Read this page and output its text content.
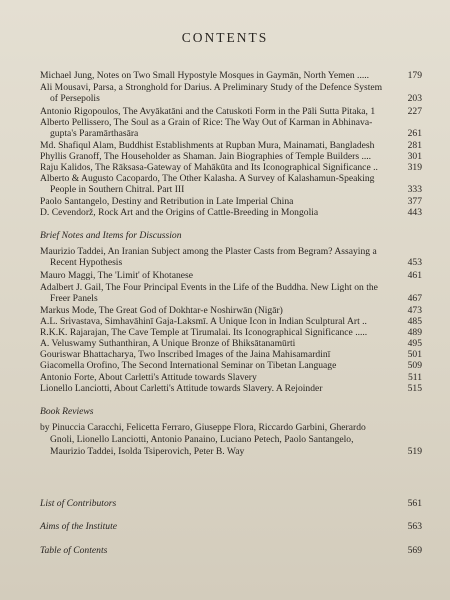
CONTENTS
Michael Jung, Notes on Two Small Hypostyle Mosques in Gaymān, North Yemen .....	179
Ali Mousavi, Parsa, a Stronghold for Darius. A Preliminary Study of the Defence System
of Persepolis	203
Antonio Rigopoulos, The Avyākatāni and the Catuskoti Form in the Pāli Sutta Pitaka, 1	227
Alberto Pellissero, The Soul as a Grain of Rice: The Way Out of Karman in Abhinava-
gupta's Paramārthasāra	261
Md. Shafiqul Alam, Buddhist Establishments at Rupban Mura, Mainamati, Bangladesh	281
Phyllis Granoff, The Householder as Shaman. Jain Biographies of Temple Builders ....	301
Raju Kalidos, The Rāksasa-Gateway of Mahākūta and Its Iconographical Significance ..	319
Alberto & Augusto Cacopardo, The Other Kalasha. A Survey of Kalashamun-Speaking
People in Southern Chitral. Part III	333
Paolo Santangelo, Destiny and Retribution in Late Imperial China	377
D. Cevendorž, Rock Art and the Origins of Cattle-Breeding in Mongolia	443
Brief Notes and Items for Discussion
Maurizio Taddei, An Iranian Subject among the Plaster Casts from Begram? Assaying a
Recent Hypothesis	453
Mauro Maggi, The 'Limit' of Khotanese	461
Adalbert J. Gail, The Four Principal Events in the Life of the Buddha. New Light on the
Freer Panels	467
Markus Mode, The Great God of Dokhtar-e Noshirwān (Nigār)	473
A.L. Srivastava, Simhavāhinī Gaja-Laksmī. A Unique Icon in Indian Sculptural Art ..	485
R.K.K. Rajarajan, The Cave Temple at Tirumalai. Its Iconographical Significance .....	489
A. Veluswamy Suthanthiran, A Unique Bronze of Bhiksātanamūrti	495
Gouriswar Bhattacharya, Two Inscribed Images of the Jaina Mahisamardinī	501
Giacomella Orofino, The Second International Seminar on Tibetan Language	509
Antonio Forte, About Carletti's Attitude towards Slavery	511
Lionello Lanciotti, About Carletti's Attitude towards Slavery. A Rejoinder	515
Book Reviews
by Pinuccia Caracchi, Felicetta Ferraro, Giuseppe Flora, Riccardo Garbini, Gherardo
Gnoli, Lionello Lanciotti, Antonio Panaino, Luciano Petech, Paolo Santangelo,
Maurizio Taddei, Isolda Tsiperovich, Peter B. Way	519
List of Contributors	561
Aims of the Institute	563
Table of Contents	569
